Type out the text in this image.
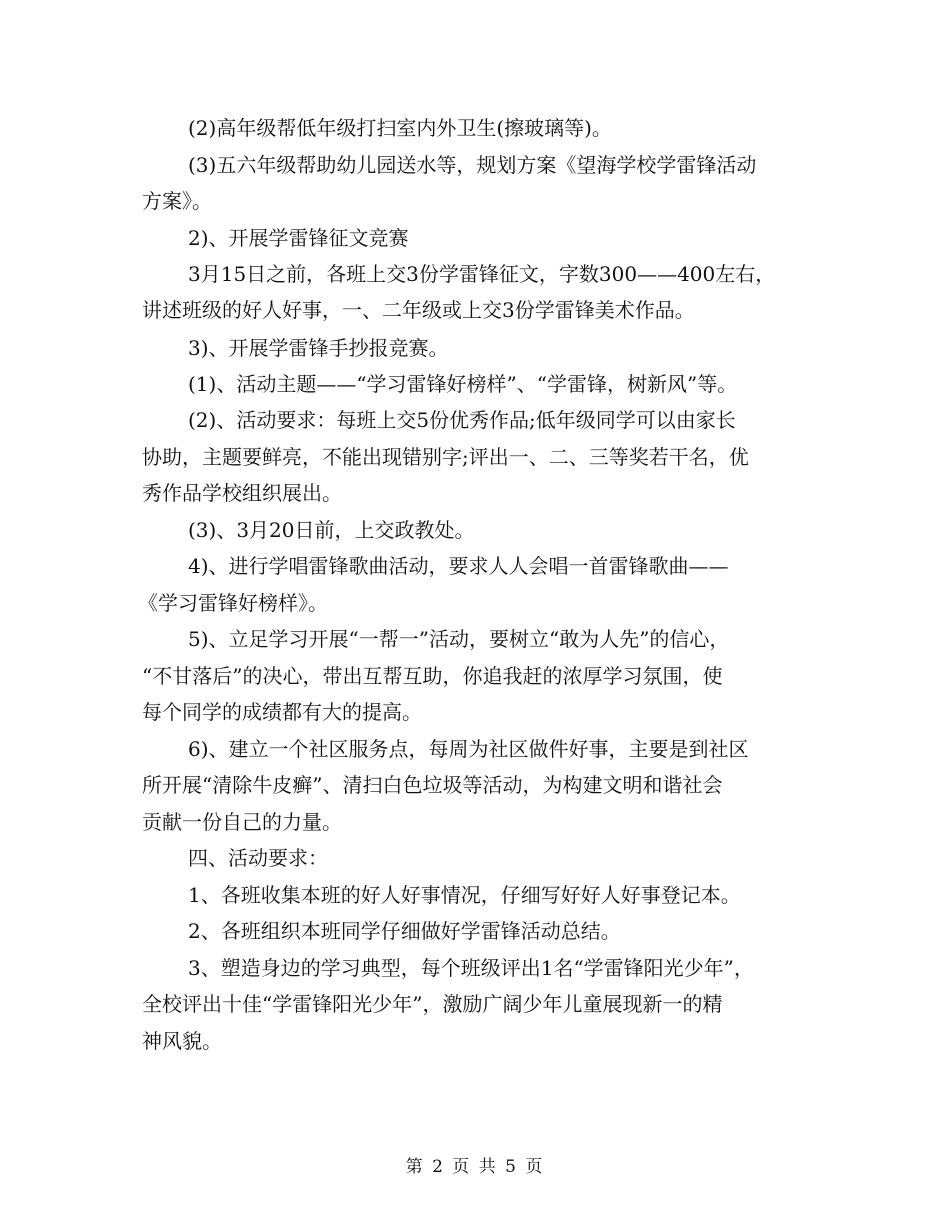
(2)高年级帮低年级打扫室内外卫生(擦玻璃等)。
(3)五六年级帮助幼儿园送水等，规划方案《望海学校学雷锋活动
方案》。
2)、开展学雷锋征文竞赛
3月15日之前，各班上交3份学雷锋征文，字数300——400左右，
讲述班级的好人好事，一、二年级或上交3份学雷锋美术作品。
3)、开展学雷锋手抄报竞赛。
(1)、活动主题——“学习雷锋好榜样”、“学雷锋，树新风”等。
(2)、活动要求：每班上交5份优秀作品;低年级同学可以由家长
协助，主题要鲜亮，不能出现错别字;评出一、二、三等奖若干名，优
秀作品学校组织展出。
(3)、3月20日前，上交政教处。
4)、进行学唱雷锋歌曲活动，要求人人会唱一首雷锋歌曲——
《学习雷锋好榜样》。
5)、立足学习开展“一帮一”活动，要树立“敢为人先”的信心，
“不甘落后”的决心，带出互帮互助，你追我赶的浓厚学习氛围，使
每个同学的成绩都有大的提高。
6)、建立一个社区服务点，每周为社区做件好事，主要是到社区
所开展“清除牛皮癣”、清扫白色垃圾等活动，为构建文明和谐社会
贡献一份自己的力量。
四、活动要求：
1、各班收集本班的好人好事情况，仔细写好好人好事登记本。
2、各班组织本班同学仔细做好学雷锋活动总结。
3、塑造身边的学习典型，每个班级评出1名“学雷锋阳光少年”，
全校评出十佳“学雷锋阳光少年”，激励广阔少年儿童展现新一的精
神风貌。
第 2 页 共 5 页
